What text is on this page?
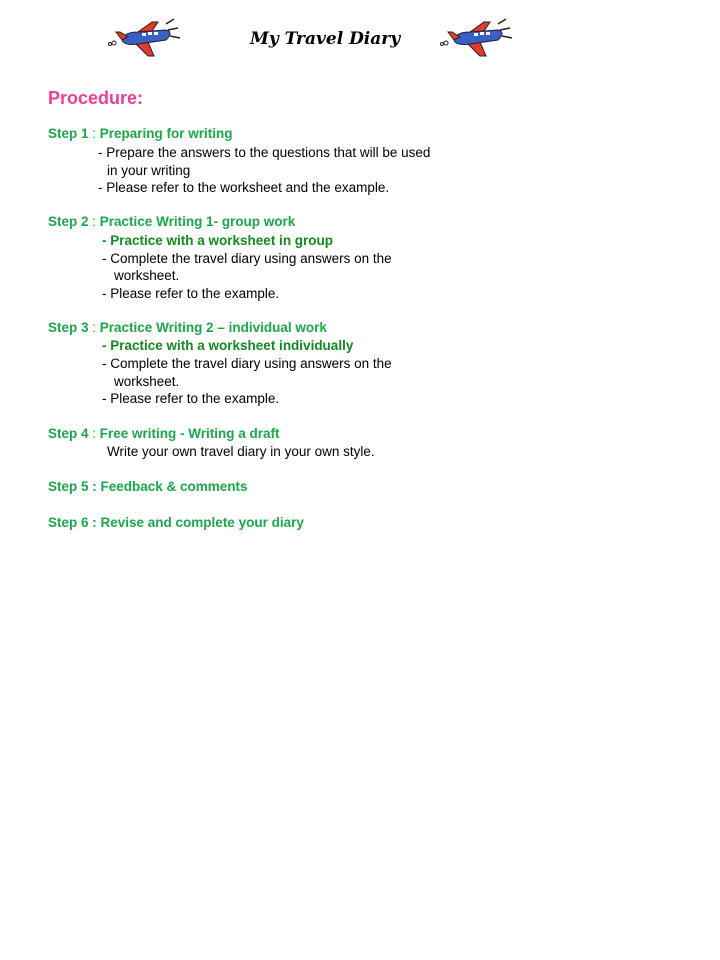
My Travel Diary
Procedure:
Step 1 : Preparing for writing
- Prepare the answers to the questions that will be used
in your writing
- Please refer to the worksheet and the example.
Step 2 : Practice Writing 1- group work
- Practice with a worksheet in group
- Complete the travel diary using answers on the
worksheet.
- Please refer to the example.
Step 3 : Practice Writing 2 – individual work
- Practice with a worksheet individually
- Complete the travel diary using answers on the
worksheet.
- Please refer to the example.
Step 4 : Free writing - Writing a draft
Write your own travel diary in your own style.
Step 5 : Feedback & comments
Step 6 : Revise and complete your diary
